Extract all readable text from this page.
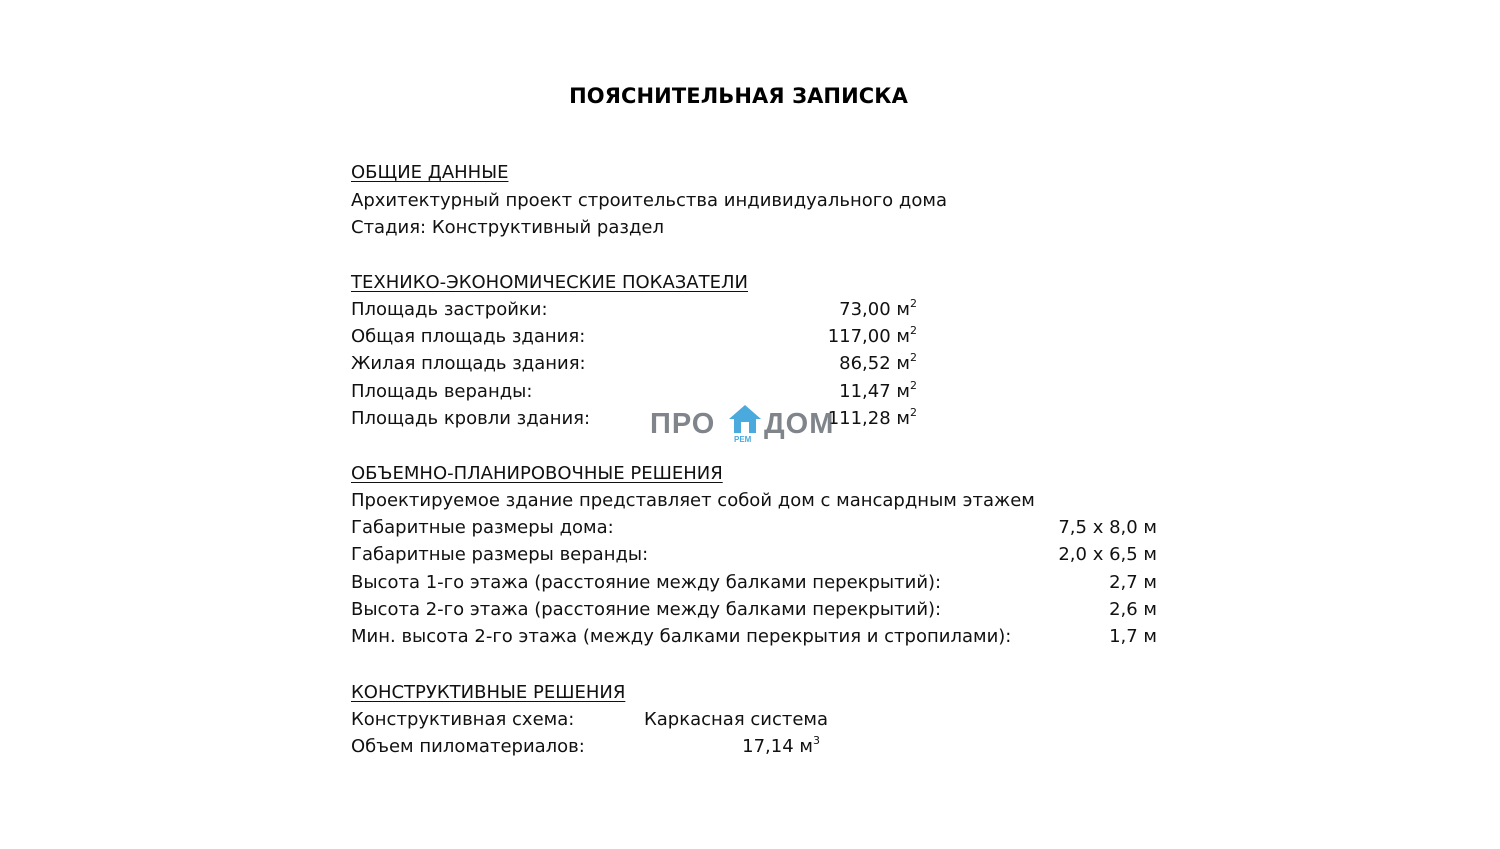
ПОЯСНИТЕЛЬНАЯ ЗАПИСКА
ОБЩИЕ ДАННЫЕ
Архитектурный проект строительства индивидуального дома
Стадия: Конструктивный раздел
ТЕХНИКО-ЭКОНОМИЧЕСКИЕ ПОКАЗАТЕЛИ
Площадь застройки:	73,00 $м^2$
Общая площадь здания:	117,00 $м^2$
Жилая площадь здания:	86,52 $м^2$
Площадь веранды:	11,47 $м^2$
Площадь кровли здания:	111,28 $м^2$
ПРО РЕМ ДОМ
ОБЪЕМНО-ПЛАНИРОВОЧНЫЕ РЕШЕНИЯ
Проектируемое здание представляет собой дом с мансардным этажем
Габаритные размеры дома:	7,5 x 8,0 м
Габаритные размеры веранды:	2,0 x 6,5 м
Высота 1-го этажа (расстояние между балками перекрытий):	2,7 м
Высота 2-го этажа (расстояние между балками перекрытий):	2,6 м
Мин. высота 2-го этажа (между балками перекрытия и стропилами):	1,7 м
КОНСТРУКТИВНЫЕ РЕШЕНИЯ
Конструктивная схема:	Каркасная система
Объем пиломатериалов:	17,14 $м^3$
